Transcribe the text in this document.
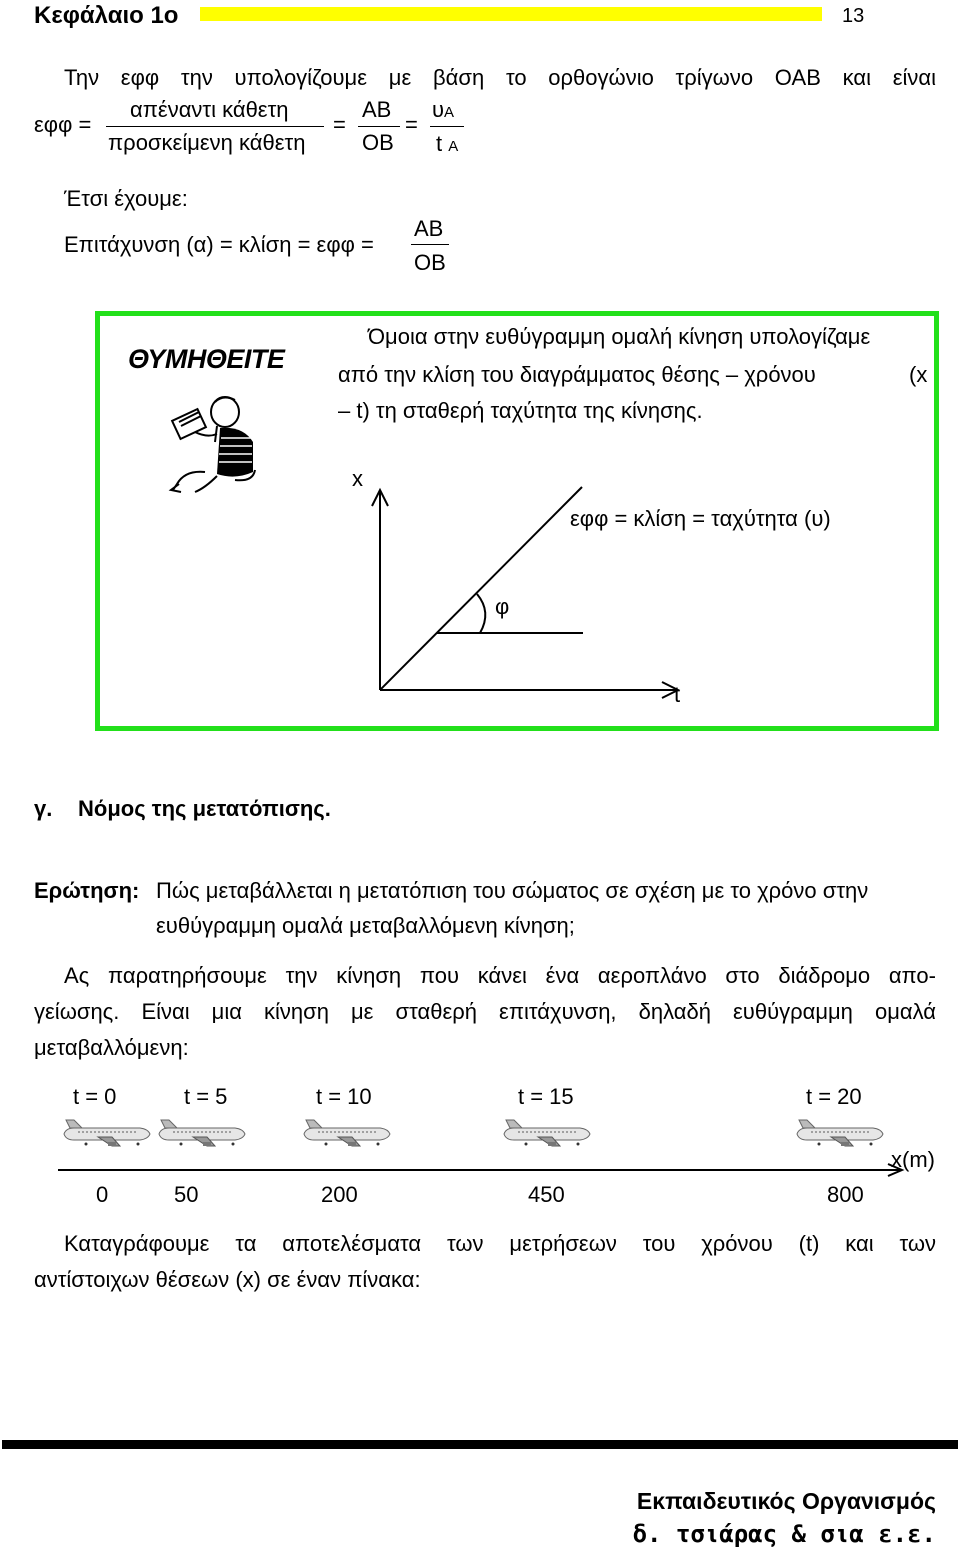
Κεφάλαιο 1ο	13
Την εφφ την υπολογίζουμε με βάση το ορθογώνιο τρίγωνο ΟΑΒ και είναι
εφφ =
απέναντι κάθετη
προσκείμενη κάθετη
=
ΑΒ
ΟΒ
=
υΑ
t Α
Έτσι έχουμε:
Επιτάχυνση (α) = κλίση = εφφ =
ΑΒ
ΟΒ
ΘΥΜΗΘΕΙΤΕ
Όμοια στην ευθύγραμμη ομαλή κίνηση υπολογίζαμε
από την κλίση του διαγράμματος θέσης – χρόνου	(x
– t) τη σταθερή ταχύτητα της κίνησης.
x
t
φ
εφφ = κλίση = ταχύτητα (υ)
γ. Νόμος της μετατόπισης.
Ερώτηση: Πώς μεταβάλλεται η μετατόπιση του σώματος σε σχέση με το χρόνο στην
ευθύγραμμη ομαλά μεταβαλλόμενη κίνηση;
Ας παρατηρήσουμε την κίνηση που κάνει ένα αεροπλάνο στο διάδρομο απο-
γείωσης. Είναι μια κίνηση με σταθερή επιτάχυνση, δηλαδή ευθύγραμμη ομαλά
μεταβαλλόμενη:
t = 0	t = 5	t = 10	t = 15	t = 20
x(m)
0	50	200	450	800
Καταγράφουμε τα αποτελέσματα των μετρήσεων του χρόνου (t) και των
αντίστοιχων θέσεων (x) σε έναν πίνακα:
Εκπαιδευτικός Οργανισμός
δ. τσιάρας & σια ε.ε.
